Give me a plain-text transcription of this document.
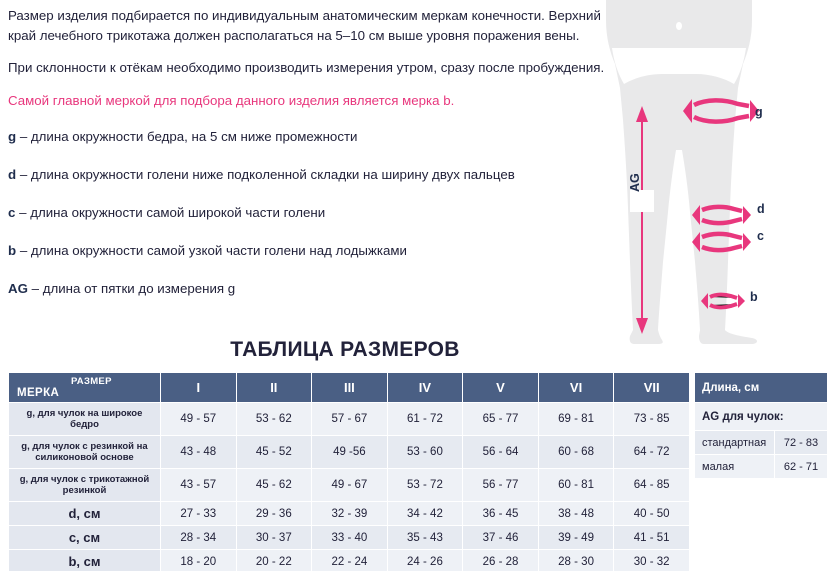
Размер изделия подбирается по индивидуальным анатомическим меркам конечности. Верхний край лечебного трикотажа должен располагаться на 5–10 см выше уровня поражения вены.

При склонности к отёкам необходимо производить измерения утром, сразу после пробуждения.

Самой главной меркой для подбора данного изделия является мерка b.

g – длина окружности бедра, на 5 см ниже промежности

d – длина окружности голени ниже подколенной складки на ширину двух пальцев

c – длина окружности самой широкой части голени

b – длина окружности самой узкой части голени над лодыжками

AG – длина от пятки до измерения g

g
d
c
b
AG
ТАБЛИЦА РАЗМЕРОВ
РАЗМЕР
МЕРКА	I	II	III	IV	V	VI	VII
g, для чулок на широкое бедро	49 - 57	53 - 62	57 - 67	61 - 72	65 - 77	69 - 81	73 - 85
g, для чулок с резинкой на силиконовой основе	43 - 48	45 - 52	49 -56	53 - 60	56 - 64	60 - 68	64 - 72
g, для чулок с трикотажной резинкой	43 - 57	45 - 62	49 - 67	53 - 72	56 - 77	60 - 81	64 - 85
d, см	27 - 33	29 - 36	32 - 39	34 - 42	36 - 45	38 - 48	40 - 50
c, см	28 - 34	30 - 37	33 - 40	35 - 43	37 - 46	39 - 49	41 - 51
b, см	18 - 20	20 - 22	22 - 24	24 - 26	26 - 28	28 - 30	30 - 32
Длина, см	
AG для чулок:	
стандартная	72 - 83
малая	62 - 71
